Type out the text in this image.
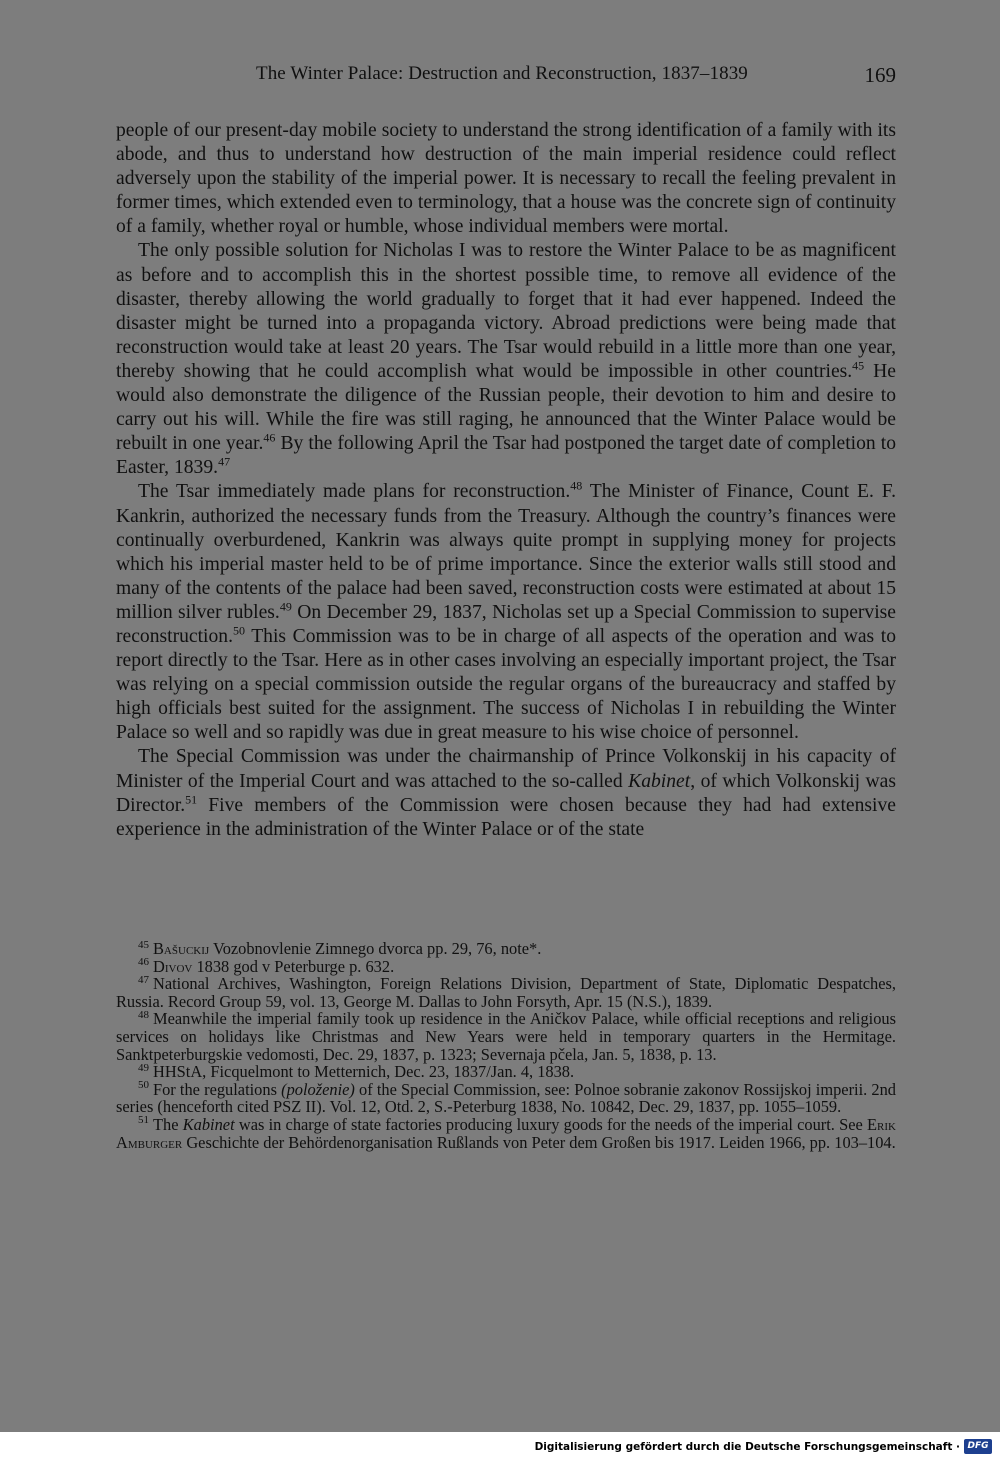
The Winter Palace: Destruction and Reconstruction, 1837–1839	169

people of our present-day mobile society to understand the strong identification of a family with its abode, and thus to understand how destruction of the main imperial residence could reflect adversely upon the stability of the imperial power. It is necessary to recall the feeling prevalent in former times, which extended even to terminology, that a house was the concrete sign of continuity of a family, whether royal or humble, whose individual members were mortal.

The only possible solution for Nicholas I was to restore the Winter Palace to be as magnificent as before and to accomplish this in the shortest possible time, to remove all evidence of the disaster, thereby allowing the world gradually to forget that it had ever happened. Indeed the disaster might be turned into a propaganda victory. Abroad predictions were being made that reconstruction would take at least 20 years. The Tsar would rebuild in a little more than one year, thereby showing that he could accomplish what would be impossible in other countries.$^{45}$ He would also demonstrate the diligence of the Russian people, their devotion to him and desire to carry out his will. While the fire was still raging, he announced that the Winter Palace would be rebuilt in one year.$^{46}$ By the following April the Tsar had postponed the target date of completion to Easter, 1839.47

The Tsar immediately made plans for reconstruction.$^{48}$ The Minister of Finance, Count E. F. Kankrin, authorized the necessary funds from the Treasury. Although the country’s finances were continually overburdened, Kankrin was always quite prompt in supplying money for projects which his imperial master held to be of prime importance. Since the exterior walls still stood and many of the contents of the palace had been saved, reconstruction costs were estimated at about 15 million silver rubles.$^{49}$ On December 29, 1837, Nicholas set up a Special Commission to supervise reconstruction.$^{50}$ This Commission was to be in charge of all aspects of the operation and was to report directly to the Tsar. Here as in other cases involving an especially important project, the Tsar was relying on a special commission outside the regular organs of the bureaucracy and staffed by high officials best suited for the assignment. The success of Nicholas I in rebuilding the Winter Palace so well and so rapidly was due in great measure to his wise choice of personnel.

The Special Commission was under the chairmanship of Prince Volkonskij in his capacity of Minister of the Imperial Court and was attached to the so-called Kabinet, of which Volkonskij was Director.$^{51}$ Five members of the Commission were chosen because they had had extensive experience in the administration of the Winter Palace or of the state

$^{45}$ Bašuckij Vozobnovlenie Zimnego dvorca pp. 29, 76, note*.
$^{46}$ Divov 1838 god v Peterburge p. 632.
$^{47}$ National Archives, Washington, Foreign Relations Division, Department of State, Diplomatic Despatches, Russia. Record Group 59, vol. 13, George M. Dallas to John Forsyth, Apr. 15 (N.S.), 1839.
$^{48}$ Meanwhile the imperial family took up residence in the Aničkov Palace, while official receptions and religious services on holidays like Christmas and New Years were held in temporary quarters in the Hermitage. Sanktpeterburgskie vedomosti, Dec. 29, 1837, p. 1323; Severnaja pčela, Jan. 5, 1838, p. 13.
$^{49}$ HHStA, Ficquelmont to Metternich, Dec. 23, 1837/Jan. 4, 1838.
$^{50}$ For the regulations (položenie) of the Special Commission, see: Polnoe sobranie zakonov Rossijskoj imperii. 2nd series (henceforth cited PSZ II). Vol. 12, Otd. 2, S.-Peterburg 1838, No. 10842, Dec. 29, 1837, pp. 1055–1059.
$^{51}$ The Kabinet was in charge of state factories producing luxury goods for the needs of the imperial court. See Erik Amburger Geschichte der Behördenorganisation Rußlands von Peter dem Großen bis 1917. Leiden 1966, pp. 103–104.
Digitalisierung gefördert durch die Deutsche Forschungsgemeinschaft · DFG
